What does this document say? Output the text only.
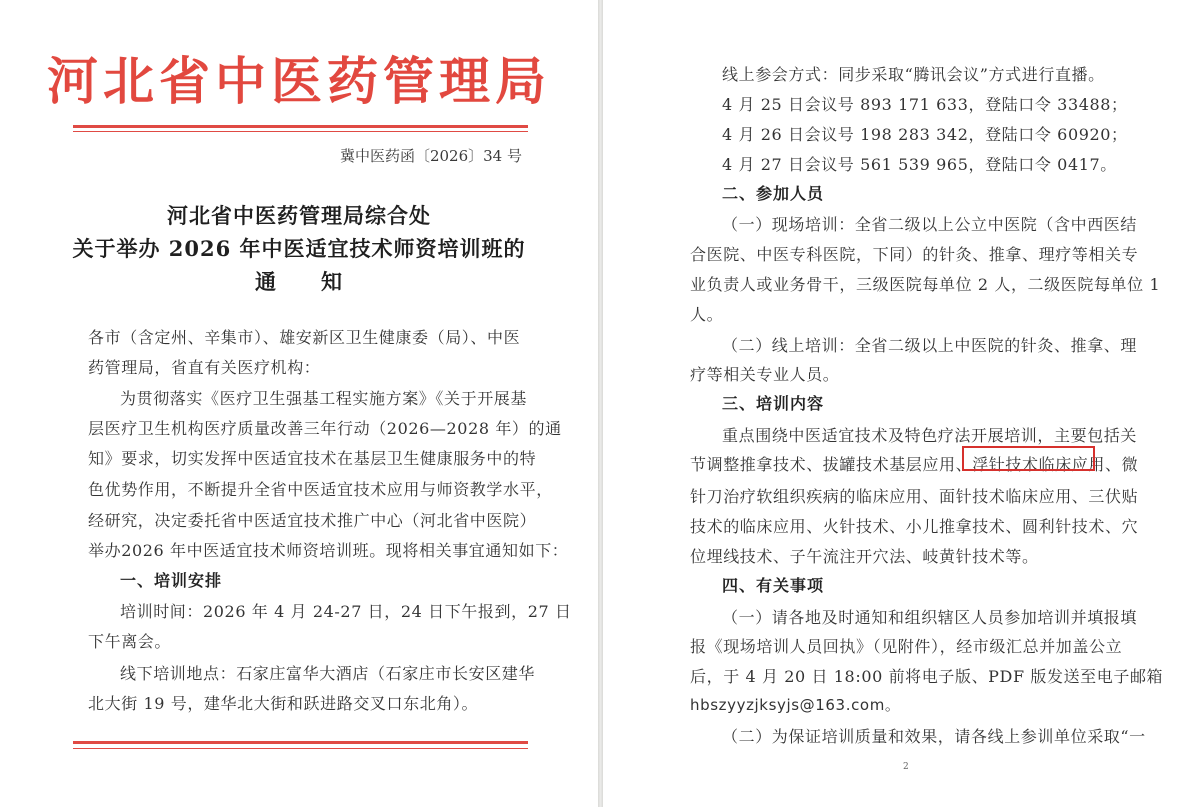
河北省中医药管理局
冀中医药函〔2026〕34 号
河北省中医药管理局综合处
关于举办 2026 年中医适宜技术师资培训班的
通　　知
各市（含定州、辛集市）、雄安新区卫生健康委（局）、中医
药管理局，省直有关医疗机构：
为贯彻落实《医疗卫生强基工程实施方案》《关于开展基
层医疗卫生机构医疗质量改善三年行动（2026—2028 年）的通
知》要求，切实发挥中医适宜技术在基层卫生健康服务中的特
色优势作用，不断提升全省中医适宜技术应用与师资教学水平，
经研究，决定委托省中医适宜技术推广中心（河北省中医院）
举办2026 年中医适宜技术师资培训班。现将相关事宜通知如下：
一、培训安排
培训时间：2026 年 4 月 24-27 日，24 日下午报到，27 日
下午离会。
线下培训地点：石家庄富华大酒店（石家庄市长安区建华
北大街 19 号，建华北大街和跃进路交叉口东北角）。
线上参会方式：同步采取“腾讯会议”方式进行直播。
4 月 25 日会议号 893 171 633，登陆口令 33488；
4 月 26 日会议号 198 283 342，登陆口令 60920；
4 月 27 日会议号 561 539 965，登陆口令 0417。
二、参加人员
（一）现场培训：全省二级以上公立中医院（含中西医结
合医院、中医专科医院，下同）的针灸、推拿、理疗等相关专
业负责人或业务骨干，三级医院每单位 2 人，二级医院每单位 1
人。
（二）线上培训：全省二级以上中医院的针灸、推拿、理
疗等相关专业人员。
三、培训内容
重点围绕中医适宜技术及特色疗法开展培训，主要包括关
节调整推拿技术、拔罐技术基层应用、浮针技术临床应用、微
针刀治疗软组织疾病的临床应用、面针技术临床应用、三伏贴
技术的临床应用、火针技术、小儿推拿技术、圆利针技术、穴
位埋线技术、子午流注开穴法、岐黄针技术等。
四、有关事项
（一）请各地及时通知和组织辖区人员参加培训并填报填
报《现场培训人员回执》（见附件），经市级汇总并加盖公立
后，于 4 月 20 日 18:00 前将电子版、PDF 版发送至电子邮箱
hbszyyzjksyjs@163.com。
（二）为保证培训质量和效果，请各线上参训单位采取“一
2
